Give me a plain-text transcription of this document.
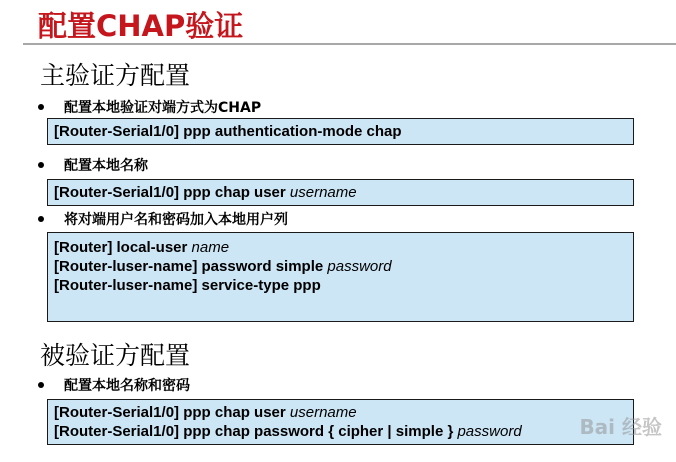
配置CHAP验证
主验证方配置
配置本地验证对端方式为CHAP
[Router-Serial1/0] ppp authentication-mode chap
配置本地名称
[Router-Serial1/0] ppp chap user username
将对端用户名和密码加入本地用户列
[Router] local-user name
[Router-luser-name] password simple password
[Router-luser-name] service-type ppp
被验证方配置
配置本地名称和密码
[Router-Serial1/0] ppp chap user username
[Router-Serial1/0] ppp chap password { cipher | simple } password	Bai 经验
